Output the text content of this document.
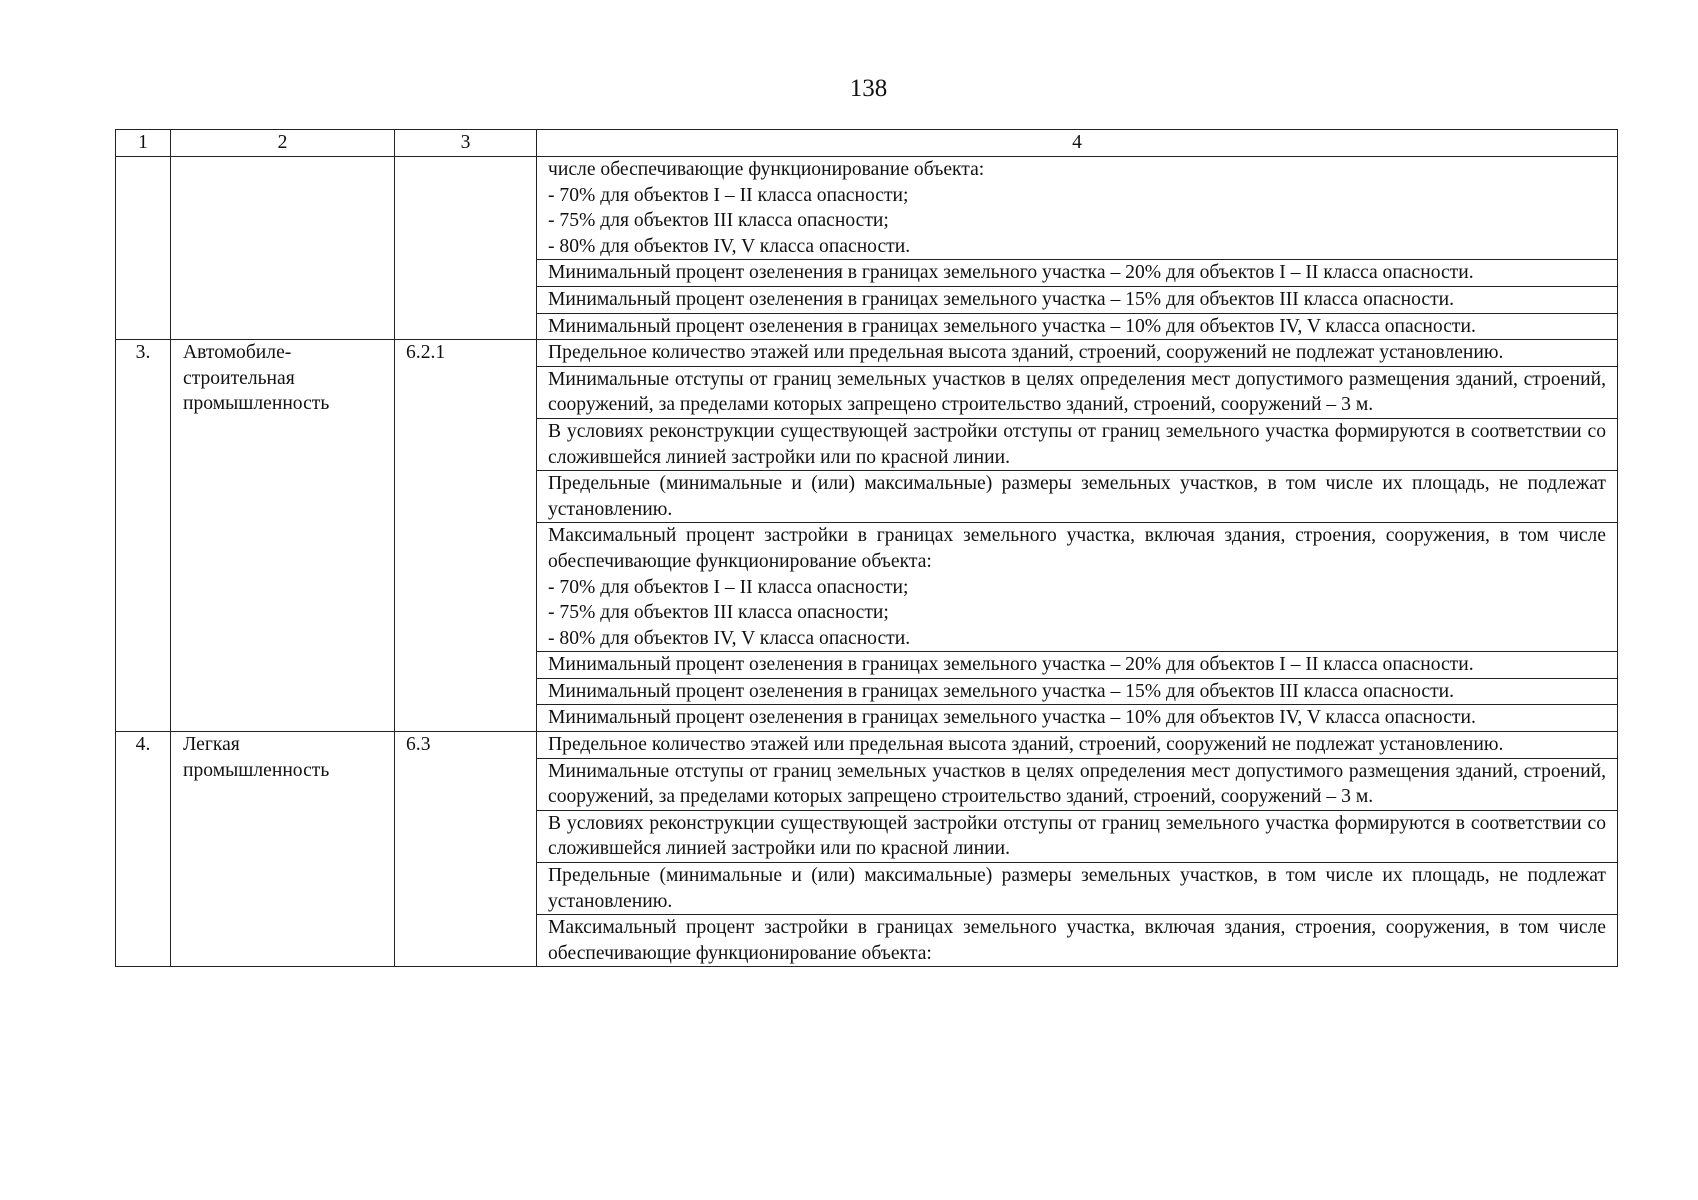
138
1	2	3	4

			числе обеспечивающие функционирование объекта:
- 70% для объектов I – II класса опасности;
- 75% для объектов III класса опасности;
- 80% для объектов IV, V класса опасности.

			Минимальный процент озеленения в границах земельного участка – 20% для объектов I – II класса опасности.
			Минимальный процент озеленения в границах земельного участка – 15% для объектов III класса опасности.
			Минимальный процент озеленения в границах земельного участка – 10% для объектов IV, V класса опасности.
3.	Автомобиле-
строительная
промышленность	6.2.1	Предельное количество этажей или предельная высота зданий, строений, сооружений не подлежат установлению.
			Минимальные отступы от границ земельных участков в целях определения мест допустимого размещения зданий, строений, сооружений, за пределами которых запрещено строительство зданий, строений, сооружений – 3 м.
			В условиях реконструкции существующей застройки отступы от границ земельного участка формируются в соответствии со сложившейся линией застройки или по красной линии.
			Предельные (минимальные и (или) максимальные) размеры земельных участков, в том числе их площадь, не подлежат установлению.

			Максимальный процент застройки в границах земельного участка, включая здания, строения, сооружения, в том числе обеспечивающие функционирование объекта:
- 70% для объектов I – II класса опасности;
- 75% для объектов III класса опасности;
- 80% для объектов IV, V класса опасности.

			Минимальный процент озеленения в границах земельного участка – 20% для объектов I – II класса опасности.
			Минимальный процент озеленения в границах земельного участка – 15% для объектов III класса опасности.
			Минимальный процент озеленения в границах земельного участка – 10% для объектов IV, V класса опасности.
4.	Легкая
промышленность	6.3	Предельное количество этажей или предельная высота зданий, строений, сооружений не подлежат установлению.
			Минимальные отступы от границ земельных участков в целях определения мест допустимого размещения зданий, строений, сооружений, за пределами которых запрещено строительство зданий, строений, сооружений – 3 м.
			В условиях реконструкции существующей застройки отступы от границ земельного участка формируются в соответствии со сложившейся линией застройки или по красной линии.
			Предельные (минимальные и (или) максимальные) размеры земельных участков, в том числе их площадь, не подлежат установлению.
			Максимальный процент застройки в границах земельного участка, включая здания, строения, сооружения, в том числе обеспечивающие функционирование объекта:
